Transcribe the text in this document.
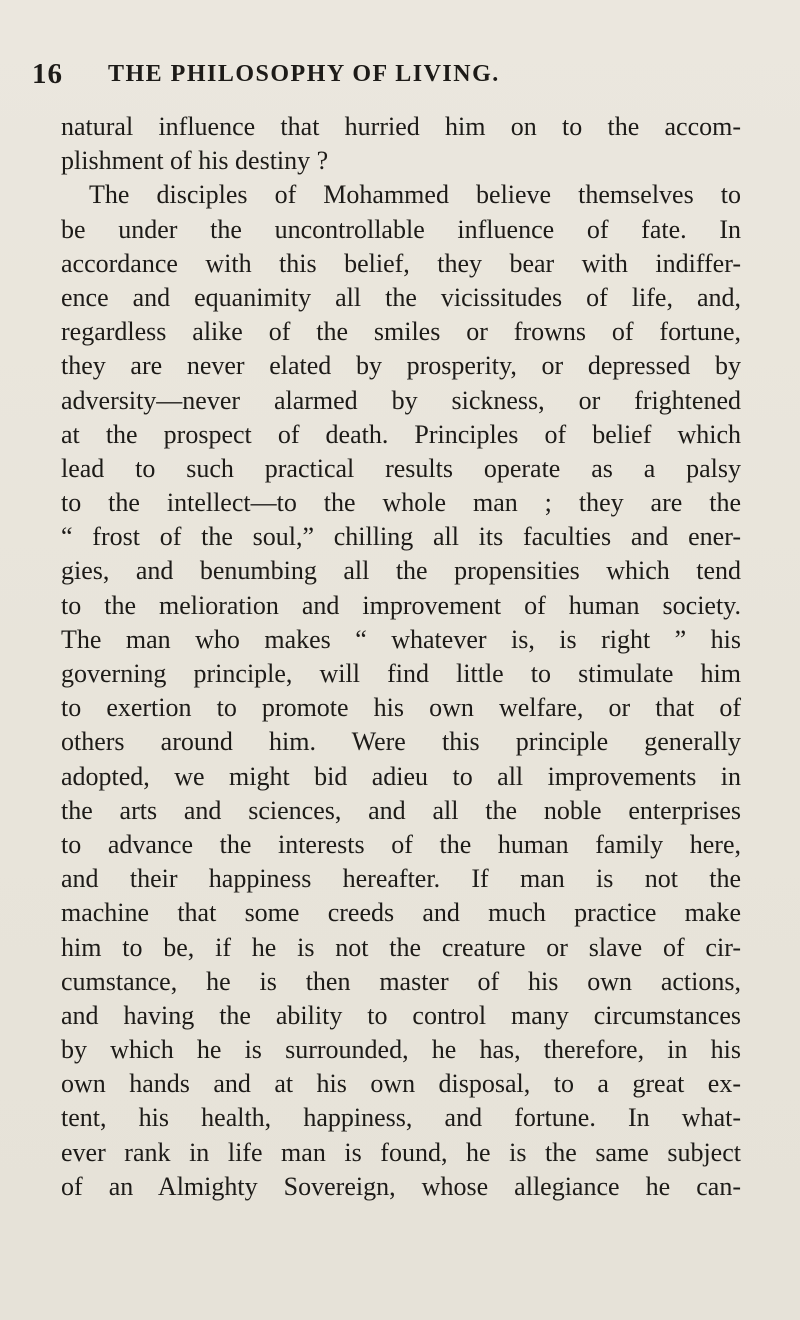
16 THE PHILOSOPHY OF LIVING.
natural influence that hurried him on to the accom-
plishment of his destiny ?
The disciples of Mohammed believe themselves to
be under the uncontrollable influence of fate. In
accordance with this belief, they bear with indiffer-
ence and equanimity all the vicissitudes of life, and,
regardless alike of the smiles or frowns of fortune,
they are never elated by prosperity, or depressed by
adversity—never alarmed by sickness, or frightened
at the prospect of death. Principles of belief which
lead to such practical results operate as a palsy
to the intellect—to the whole man ; they are the
“ frost of the soul,” chilling all its faculties and ener-
gies, and benumbing all the propensities which tend
to the melioration and improvement of human society.
The man who makes “ whatever is, is right ” his
governing principle, will find little to stimulate him
to exertion to promote his own welfare, or that of
others around him. Were this principle generally
adopted, we might bid adieu to all improvements in
the arts and sciences, and all the noble enterprises
to advance the interests of the human family here,
and their happiness hereafter. If man is not the
machine that some creeds and much practice make
him to be, if he is not the creature or slave of cir-
cumstance, he is then master of his own actions,
and having the ability to control many circumstances
by which he is surrounded, he has, therefore, in his
own hands and at his own disposal, to a great ex-
tent, his health, happiness, and fortune. In what-
ever rank in life man is found, he is the same subject
of an Almighty Sovereign, whose allegiance he can-
